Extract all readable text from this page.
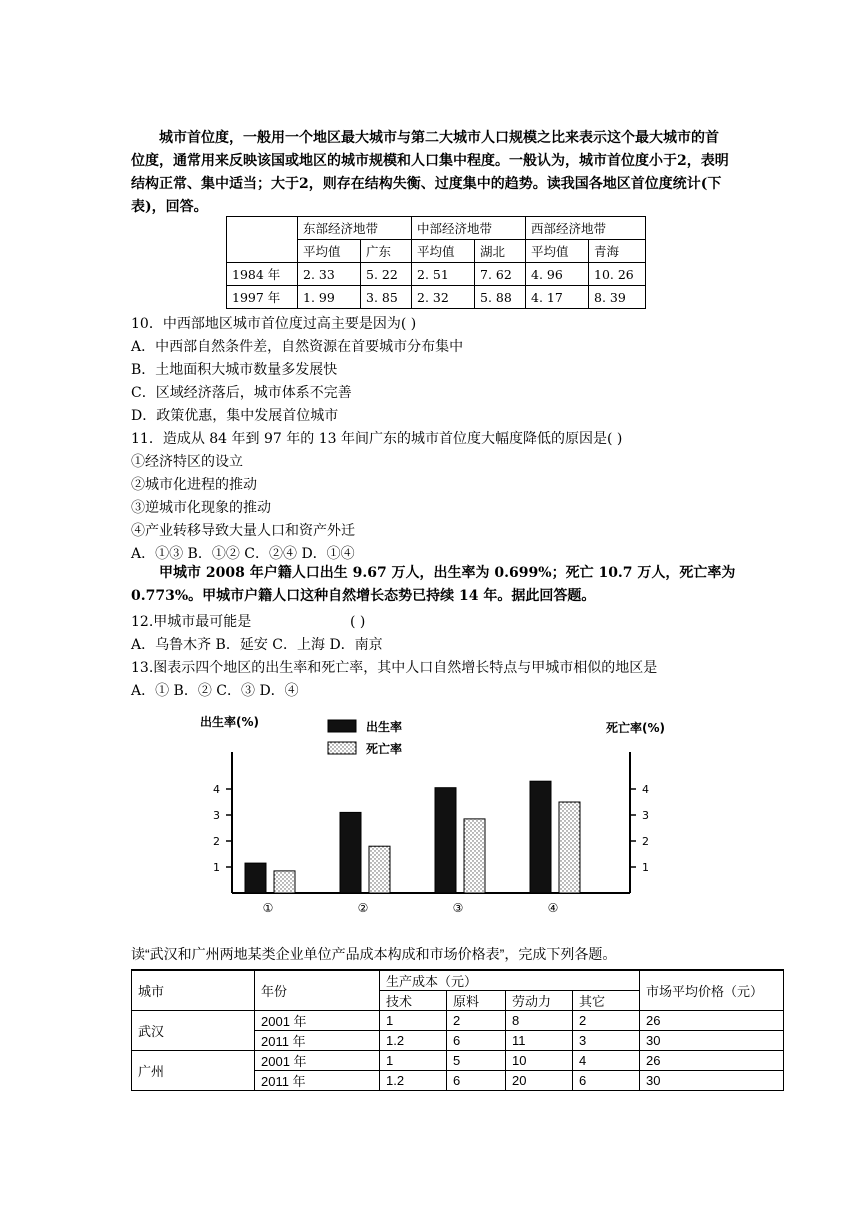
城市首位度，一般用一个地区最大城市与第二大城市人口规模之比来表示这个最大城市的首位度，通常用来反映该国或地区的城市规模和人口集中程度。一般认为，城市首位度小于2，表明结构正常、集中适当；大于2，则存在结构失衡、过度集中的趋势。读我国各地区首位度统计(下表)，回答。
	东部经济地带		中部经济地带		西部经济地带	
	平均值	广东	平均值	湖北	平均值	青海
1984 年	2. 33	5. 22	2. 51	7. 62	4. 96	10. 26
1997 年	1. 99	3. 85	2. 32	5. 88	4. 17	8. 39
10．中西部地区城市首位度过高主要是因为( )
A．中西部自然条件差，自然资源在首要城市分布集中
B．土地面积大城市数量多发展快
C．区域经济落后，城市体系不完善
D．政策优惠，集中发展首位城市
11．造成从 84 年到 97 年的 13 年间广东的城市首位度大幅度降低的原因是( )
①经济特区的设立
②城市化进程的推动
③逆城市化现象的推动
④产业转移导致大量人口和资产外迁
A．①③ B．①② C．②④ D．①④
甲城市 2008 年户籍人口出生 9.67 万人，出生率为 0.699%；死亡 10.7 万人，死亡率为 0.773%。甲城市户籍人口这种自然增长态势已持续 14 年。据此回答题。
12.甲城市最可能是	( )
A．乌鲁木齐 B．延安 C．上海 D．南京
13.图表示四个地区的出生率和死亡率，其中人口自然增长特点与甲城市相似的地区是
A．① B．② C．③ D．④
1
2
3
4
1
2
3
4
出生率(%)	死亡率(%)
出生率
死亡率
①	②	③	④
读“武汉和广州两地某类企业单位产品成本构成和市场价格表”，完成下列各题。
城市	年份	生产成本（元）				市场平均价格（元）
		技术	原料	劳动力	其它	
武汉	2001 年	1	2	8	2	26
	2011 年	1.2	6	11	3	30
广州	2001 年	1	5	10	4	26
	2011 年	1.2	6	20	6	30
